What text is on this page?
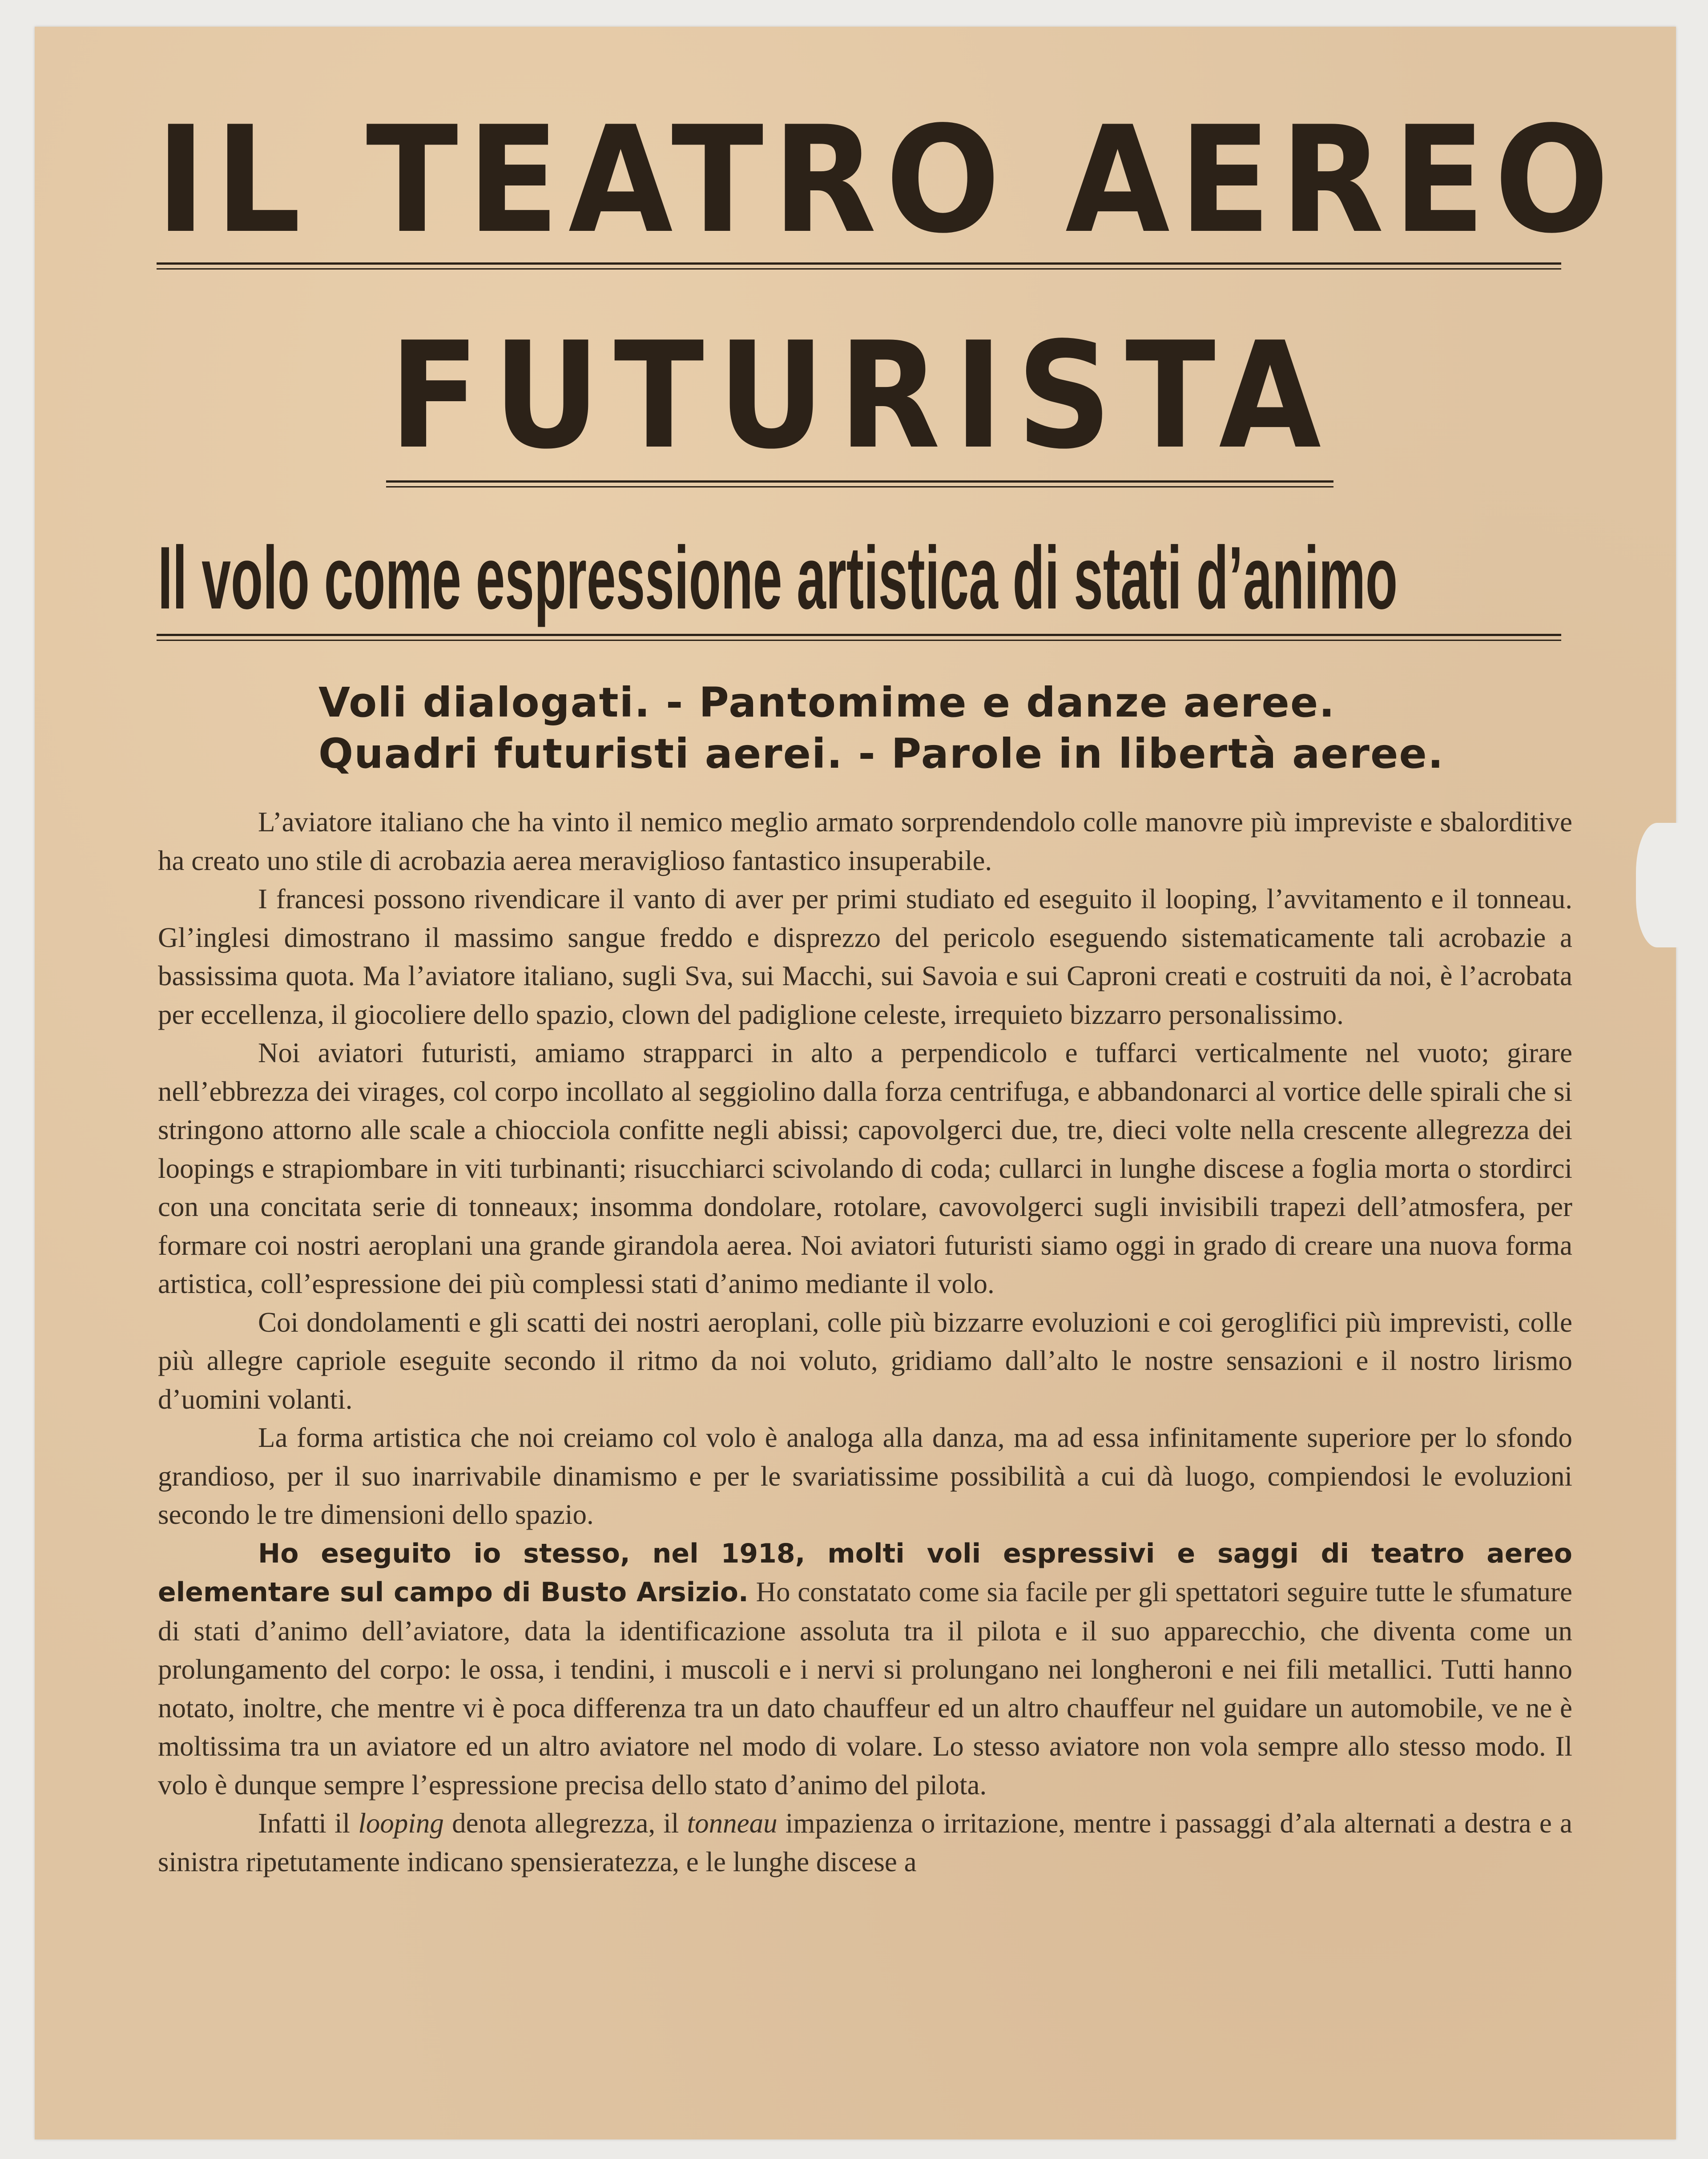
IL TEATRO AEREO
FUTURISTA
Il volo come espressione artistica di stati d’animo
Voli dialogati. - Pantomime e danze aeree.
Quadri futuristi aerei. - Parole in libertà aeree.

L’aviatore italiano che ha vinto il nemico meglio armato sorprendendolo colle manovre più impreviste e sbalorditive ha creato uno stile di acrobazia aerea meraviglioso fantastico insuperabile.

I francesi possono rivendicare il vanto di aver per primi studiato ed eseguito il looping, l’avvitamento e il tonneau. Gl’inglesi dimostrano il massimo sangue freddo e disprezzo del pericolo eseguendo sistematicamente tali acrobazie a bassissima quota. Ma l’aviatore italiano, sugli Sva, sui Macchi, sui Savoia e sui Caproni creati e costruiti da noi, è l’acrobata per eccellenza, il giocoliere dello spazio, clown del padiglione celeste, irrequieto bizzarro personalissimo.

Noi aviatori futuristi, amiamo strapparci in alto a perpendicolo e tuffarci verticalmente nel vuoto; girare nell’ebbrezza dei virages, col corpo incollato al seggiolino dalla forza centrifuga, e abbandonarci al vortice delle spirali che si stringono attorno alle scale a chiocciola confitte negli abissi; capovolgerci due, tre, dieci volte nella crescente allegrezza dei loopings e strapiombare in viti turbinanti; risucchiarci scivolando di coda; cullarci in lunghe discese a foglia morta o stordirci con una concitata serie di tonneaux; insomma dondolare, rotolare, cavovolgerci sugli invisibili trapezi dell’atmosfera, per formare coi nostri aeroplani una grande girandola aerea. Noi aviatori futuristi siamo oggi in grado di creare una nuova forma artistica, coll’espressione dei più complessi stati d’animo mediante il volo.

Coi dondolamenti e gli scatti dei nostri aeroplani, colle più bizzarre evoluzioni e coi geroglifici più imprevisti, colle più allegre capriole eseguite secondo il ritmo da noi voluto, gridiamo dall’alto le nostre sensazioni e il nostro lirismo d’uomini volanti.

La forma artistica che noi creiamo col volo è analoga alla danza, ma ad essa infinitamente superiore per lo sfondo grandioso, per il suo inarrivabile dinamismo e per le svariatissime possibilità a cui dà luogo, compiendosi le evoluzioni secondo le tre dimensioni dello spazio.

Ho eseguito io stesso, nel 1918, molti voli espressivi e saggi di teatro aereo elementare sul campo di Busto Arsizio. Ho constatato come sia facile per gli spettatori seguire tutte le sfumature di stati d’animo dell’aviatore, data la identificazione assoluta tra il pilota e il suo apparecchio, che diventa come un prolungamento del corpo: le ossa, i tendini, i muscoli e i nervi si prolungano nei longheroni e nei fili metallici. Tutti hanno notato, inoltre, che mentre vi è poca differenza tra un dato chauffeur ed un altro chauffeur nel guidare un automobile, ve ne è moltissima tra un aviatore ed un altro aviatore nel modo di volare. Lo stesso aviatore non vola sempre allo stesso modo. Il volo è dunque sempre l’espressione precisa dello stato d’animo del pilota.

Infatti il looping denota allegrezza, il tonneau impazienza o irritazione, mentre i passaggi d’ala alternati a destra e a sinistra ripetutamente indicano spensieratezza, e le lunghe discese a
